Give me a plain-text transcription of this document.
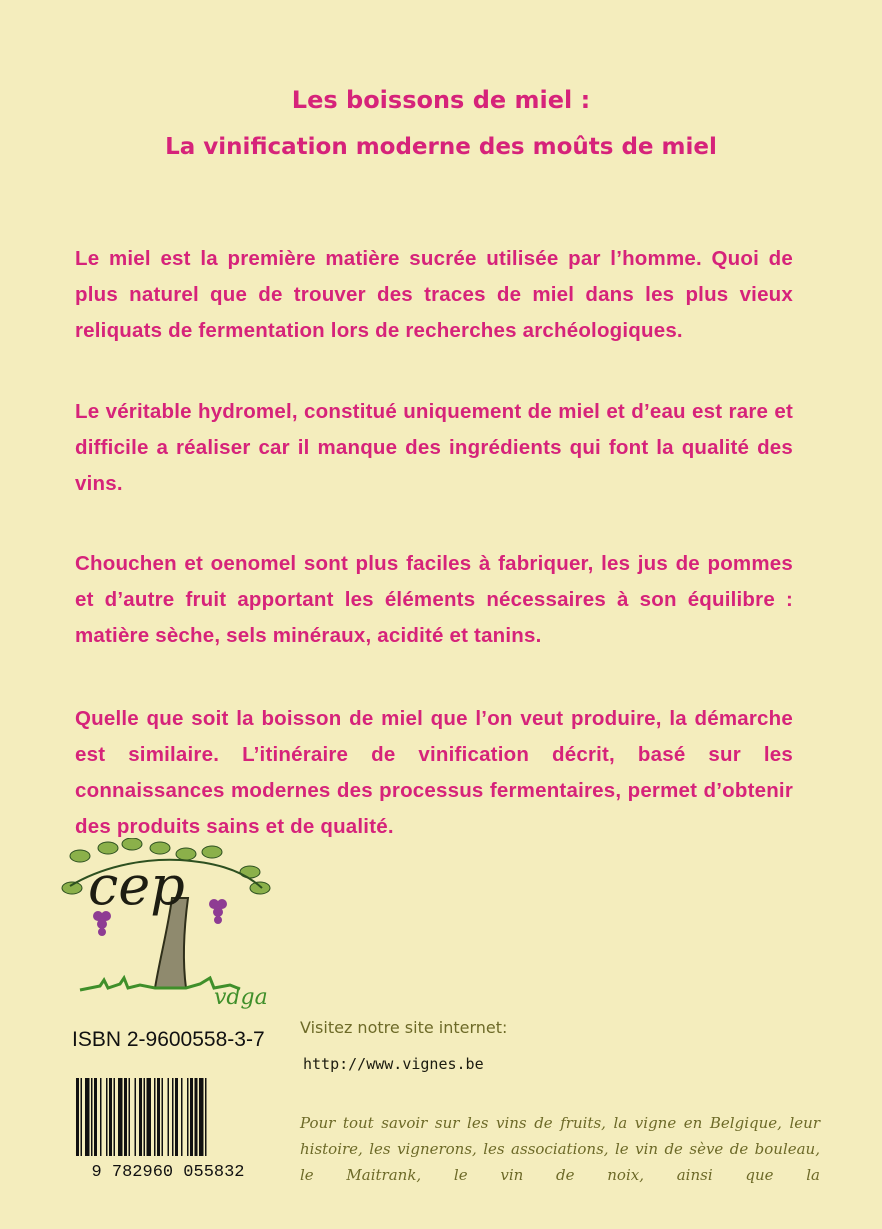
Les boissons de miel :
La vinification moderne des moûts de miel
Le miel est la première matière sucrée utilisée par l’homme. Quoi de plus naturel que de trouver des traces de miel dans les plus vieux reliquats de fermentation lors de recherches archéologiques.
Le véritable hydromel, constitué uniquement de miel et d’eau est rare et difficile a réaliser car il manque des ingrédients qui font la qualité des vins.
Chouchen et oenomel sont plus faciles à fabriquer, les jus de pommes et d’autre fruit apportant les éléments nécessaires à son équilibre : matière sèche, sels minéraux, acidité et tanins.
Quelle que soit la boisson de miel que l’on veut produire, la démarche est similaire. L’itinéraire de vinification décrit, basé sur les connaissances modernes des processus fermentaires, permet d’obtenir des produits sains et de qualité.
cep
vdga
ISBN 2-9600558-3-7
9 782960 055832
Visitez notre site internet:
http://www.vignes.be
Pour tout savoir sur les vins de fruits, la vigne en Belgique, leur histoire, les vignerons, les associations, le vin de sève de bouleau, le Maitrank, le vin de noix, ainsi que la
